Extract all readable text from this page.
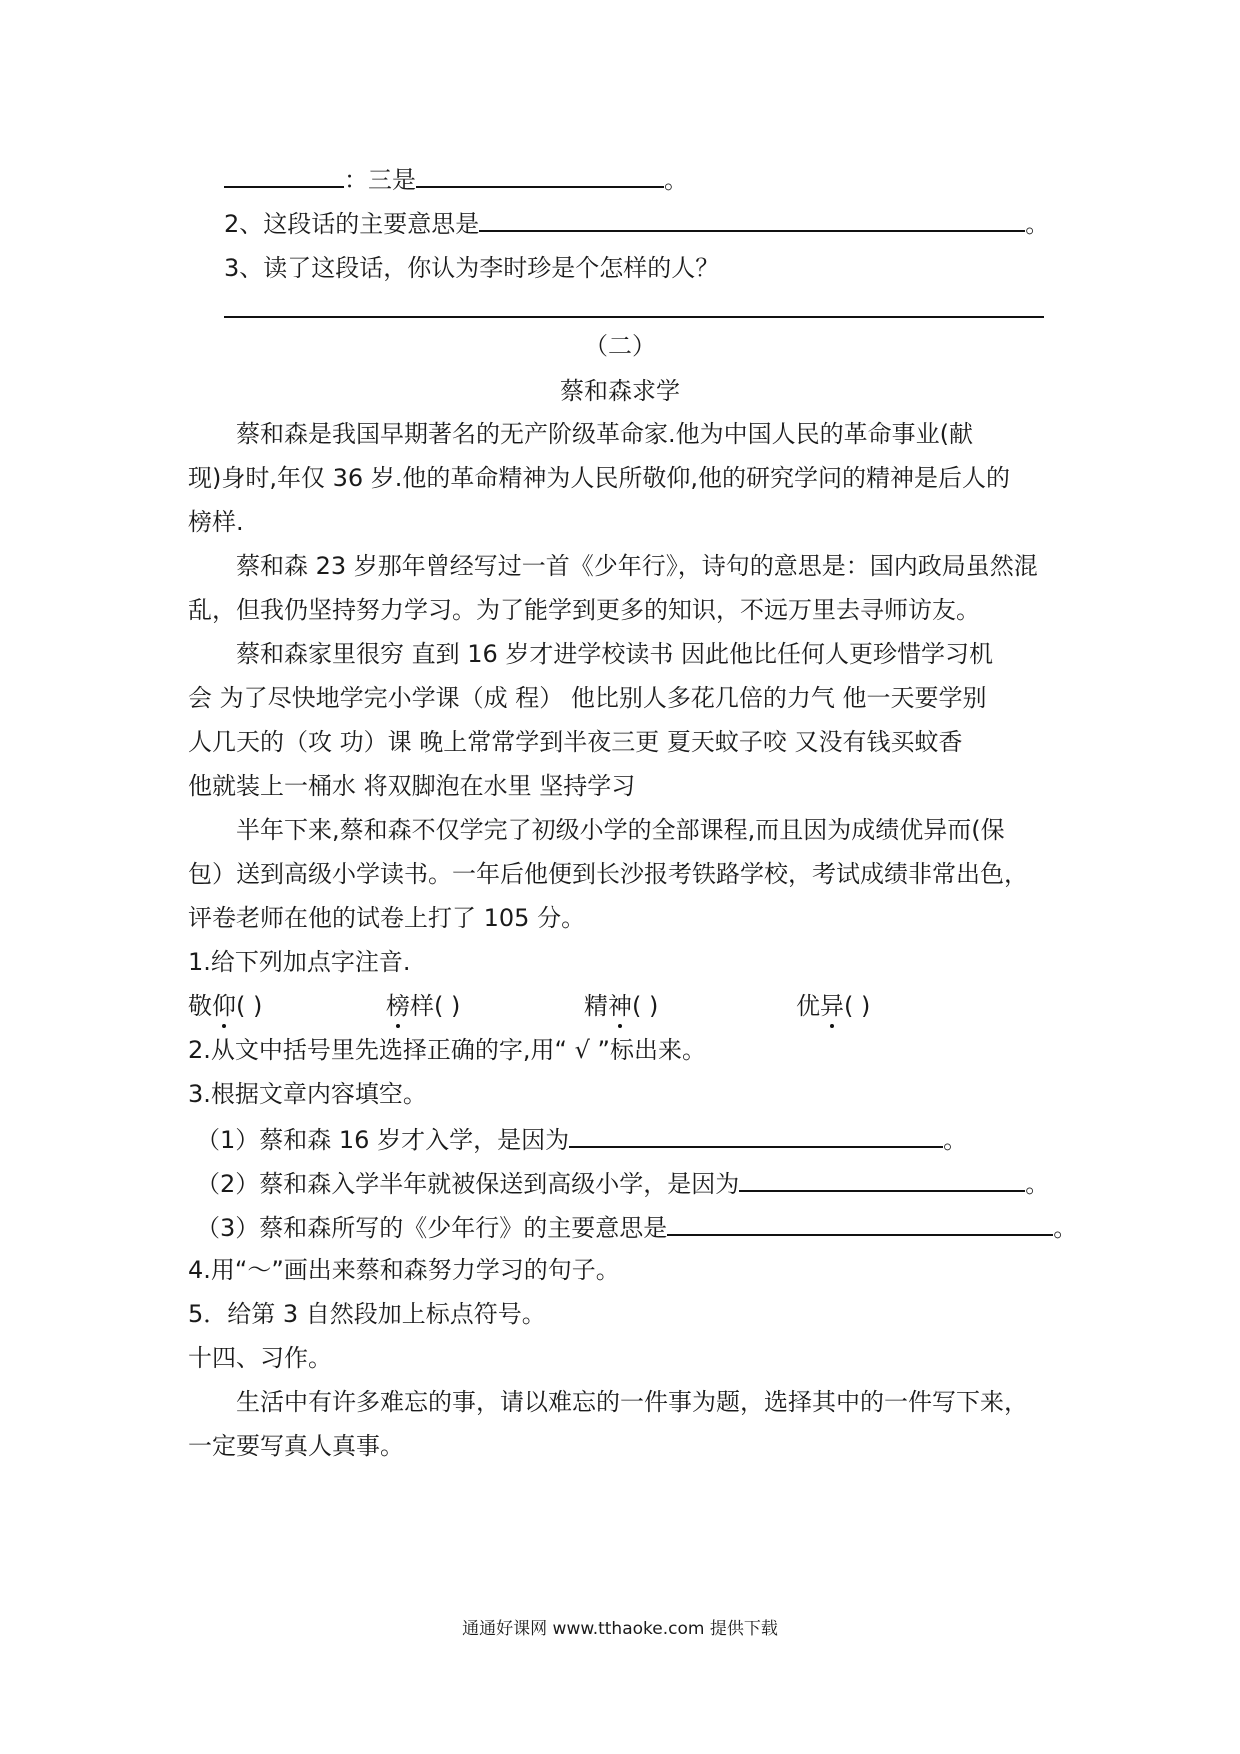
：三是	。
2、这段话的主要意思是	。
3、读了这段话，你认为李时珍是个怎样的人？
（二）
蔡和森求学
蔡和森是我国早期著名的无产阶级革命家.他为中国人民的革命事业(献
现)身时,年仅 36 岁.他的革命精神为人民所敬仰,他的研究学问的精神是后人的
榜样.
蔡和森 23 岁那年曾经写过一首《少年行》，诗句的意思是：国内政局虽然混
乱，但我仍坚持努力学习。为了能学到更多的知识，不远万里去寻师访友。
蔡和森家里很穷 直到 16 岁才进学校读书 因此他比任何人更珍惜学习机
会 为了尽快地学完小学课（成 程） 他比别人多花几倍的力气 他一天要学别
人几天的（攻 功）课 晚上常常学到半夜三更 夏天蚊子咬 又没有钱买蚊香
他就装上一桶水 将双脚泡在水里 坚持学习
半年下来,蔡和森不仅学完了初级小学的全部课程,而且因为成绩优异而(保
包）送到高级小学读书。一年后他便到长沙报考铁路学校，考试成绩非常出色，
评卷老师在他的试卷上打了 105 分。
1.给下列加点字注音.
敬仰( )	榜样( )	精神( )	优异( )
2.从文中括号里先选择正确的字,用“ √ ”标出来。
3.根据文章内容填空。
（1）蔡和森 16 岁才入学，是因为	。
（2）蔡和森入学半年就被保送到高级小学，是因为	。
（3）蔡和森所写的《少年行》的主要意思是	。
4.用“～”画出来蔡和森努力学习的句子。
5．给第 3 自然段加上标点符号。
十四、习作。
生活中有许多难忘的事，请以难忘的一件事为题，选择其中的一件写下来，
一定要写真人真事。
通通好课网 www.tthaoke.com 提供下载
